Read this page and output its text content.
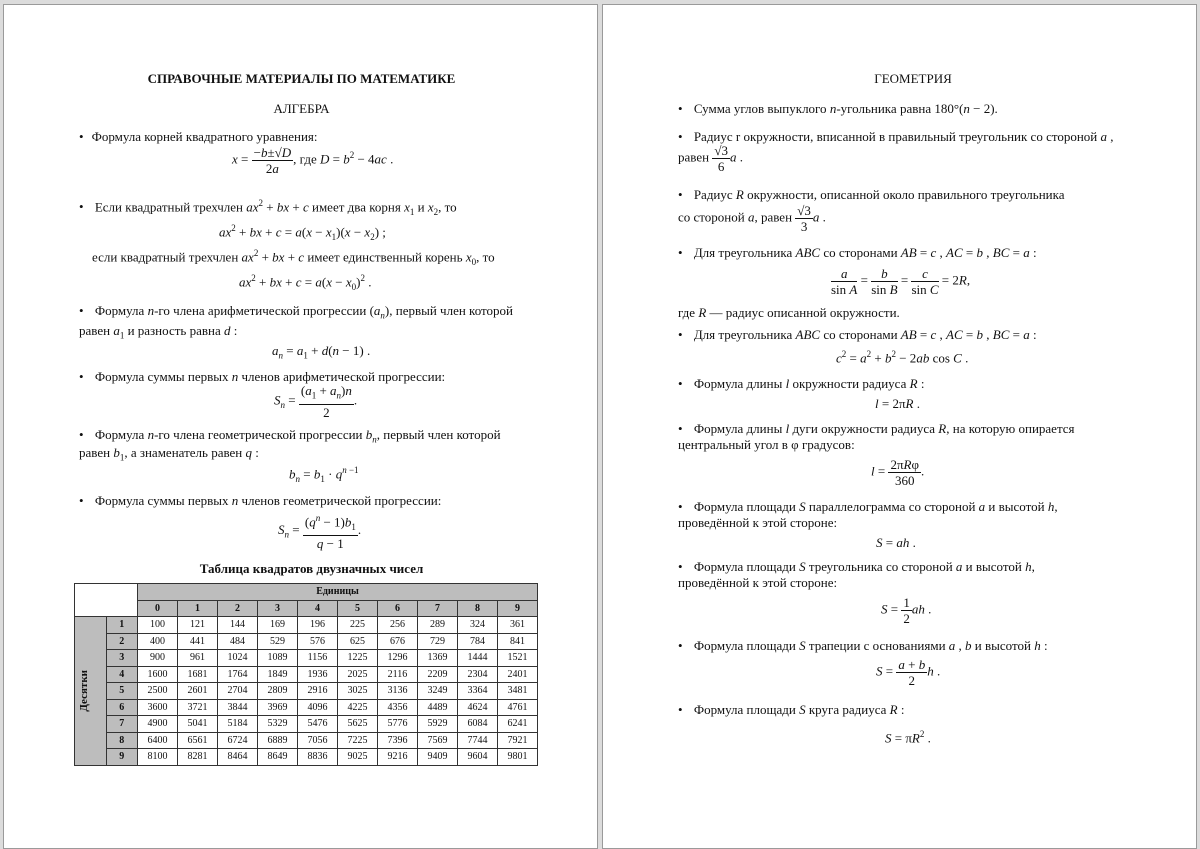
СПРАВОЧНЫЕ МАТЕРИАЛЫ ПО МАТЕМАТИКЕ
АЛГЕБРА
• Формула корней квадратного уравнения:
$x = \frac{-b\pm√D}{2a}$ , где $D = b^2 - 4ac$ .
• Если квадратный трехчлен $ax^2$ + bx + c имеет два корня $x_1$ и $x_2$, то
$ax^2$ + bx + $c = a(x - x_1)(x - x_2)$ ;
если квадратный трехчлен $ax^2$ + bx + c имеет единственный корень $x_0$, то
$ax^2$ + bx + $c = a(x - x_0)^2$ .
• Формула n-го члена арифметической прогрессии $(a_n)$, первый член которой
равен $a_1$ и разность равна d :
$a_n = a_1 + d(n - 1)$ .
• Формула суммы первых n членов арифметической прогрессии:
$S_n = \frac{(a_1 + a_n)n}{2}$ .
• Формула n-го члена геометрической прогрессии $b_n$, первый член которой
равен $b_1$, а знаменатель равен q :
$b_n = b_1 \cdot q^{n -1}$
• Формула суммы первых n членов геометрической прогрессии:
$S_n = \frac{(q^n - 1)b_1}{q - 1}$ .
Таблица квадратов двузначных чисел
		Единицы									
		0	1	2	3	4	5	6	7	8	9

Десятки	1	100	121	144	169	196	225	256	289	324	361
	2	400	441	484	529	576	625	676	729	784	841
	3	900	961	1024	1089	1156	1225	1296	1369	1444	1521
	4	1600	1681	1764	1849	1936	2025	2116	2209	2304	2401
	5	2500	2601	2704	2809	2916	3025	3136	3249	3364	3481
	6	3600	3721	3844	3969	4096	4225	4356	4489	4624	4761
	7	4900	5041	5184	5329	5476	5625	5776	5929	6084	6241
	8	6400	6561	6724	6889	7056	7225	7396	7569	7744	7921
	9	8100	8281	8464	8649	8836	9025	9216	9409	9604	9801
ГЕОМЕТРИЯ
• Сумма углов выпуклого n-угольника равна 180°(n − 2).
• Радиус r окружности, вписанной в правильный треугольник со стороной a ,
равен $\frac{√3}{6}$ a .
• Радиус R окружности, описанной около правильного треугольника
со стороной a, равен $\frac{√3}{3}$ a .
• Для треугольника ABC со сторонами AB = c , AC = b , BC = a :
$\frac{a}{\text{sin A}} = \frac{b}{\text{sin B}} = \frac{c}{\text{sin C}} = 2R$,
где R — радиус описанной окружности.
• Для треугольника ABC со сторонами AB = c , AC = b , BC = a :
$c^2 = a^2 + b^2 - 2ab$ cos C .
• Формула длины l окружности радиуса R :
l = 2πR .
• Формула длины l дуги окружности радиуса R, на которую опирается
центральный угол в φ градусов:
$l = \frac{\text{2πRφ}}{360}$ .
• Формула площади S параллелограмма со стороной a и высотой h,
проведённой к этой стороне:
S = ah .
• Формула площади S треугольника со стороной a и высотой h,
проведённой к этой стороне:
$S = \frac{1}{2}$ ah .
• Формула площади S трапеции с основаниями a , b и высотой h :
$S = \frac{a + b}{2}$ h .
• Формула площади S круга радиуса R :
$S = \pi R^2$ .
